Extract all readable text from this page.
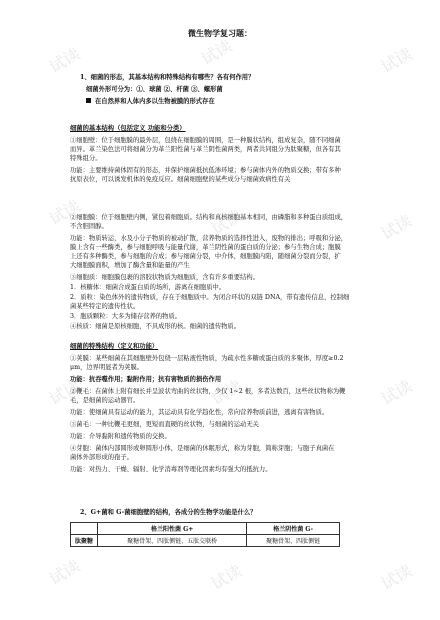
试读	试读
试读
试读	试读	试读
试读	试读	试读
试读	试读	试读
微生物学复习题：
1、细菌的形态，其基本结构和特殊结构有哪些？各有何作用？
细菌外形可分为：①、球菌 ②、杆菌 ③、螺形菌
在自然界和人体内多以生物被膜的形式存在
细菌的基本结构（包括定义 功能和分类）
①细胞壁：位于细胞膜的最外层，包绕在细胞膜的周围，是一种膜状结构，组成复杂，随不同细菌
而异。革兰染色法可将细菌分为革兰阳性菌与革兰阴性菌两类，两者共同组分为肽聚糖，但各有其
特殊组分。
功能：主要维持菌体固有的形态，并保护细菌抵抗低渗环境；参与菌体内外的物质交换；带有多种
抗原表位，可以诱发机体的免疫反应。细菌细胞壁的某些成分与细菌致病性有关
②细胞膜：位于细胞壁内侧，紧包着细胞质。结构和真核细胞基本相同，由磷脂和多种蛋白质组成，
不含胆固醇。
功能：物质转运，水及小分子物质的被动扩散，营养物质的选择性进入，废物的排出；呼吸和分泌，
膜上含有一些酶类，参与细胞呼吸与能量代谢，革兰阴性菌的蛋白质的分泌；参与生物合成；胞膜
上还有多种酶类，参与细胞的合成；参与细菌分裂，中介体，细胞膜内陷，随细菌分裂而分裂，扩
大细胞膜面积，增加了酶含量和能量的产生
③细胞质：细胞膜包裹的溶胶状物质为细胞质，含有许多重要结构。
1．核糖体：细菌合成蛋白质的场所，游离在细胞质中。
2．质粒：染色体外的遗传物质，存在于细胞质中。为闭合环状的双链 DNA，带有遗传信息，控制细
菌某些特定的遗传性状。
3．胞质颗粒：大多为储存营养的物质。
④核质：细菌是原核细胞，不具成形的核。细菌的遗传物质。
细菌的特殊结构（定义和功能）
①荚膜：某些细菌在其细胞壁外包绕一层粘液性物质，为疏水性多糖或蛋白质的多聚体，厚度≥0.2
μm，边界明显者为荚膜。
功能：抗吞噬作用；黏附作用；抗有害物质的损伤作用
②鞭毛：在菌体上附有细长并呈波状弯曲的丝状物，少仅 1~2 根，多者达数百，这些丝状物称为鞭
毛，是细菌的运动器官。
功能：使细菌具有运动的能力，其运动具有化学趋化性，常向营养物质前进，逃离有害物质。
③菌毛：一种比鞭毛更细，更短而直硬的丝状物，与细菌的运动无关
功能：介导黏附和遗传物质的交换。
④芽胞：菌体内部圆形或卵圆形小体，是细菌的休眠形式，称为芽胞，简称芽胞；与胞子真菌在
菌体外部形成的孢子。
功能：对热力、干燥、辐射、化学消毒剂等理化因素均有强大的抵抗力。
2、G+菌和 G-菌细胞壁的结构，各成分的生物学功能是什么？
	格兰阳性菌 G+	格兰阴性菌 G-
肽聚糖	聚糖骨架、四肽侧链、五肽交联桥	聚糖骨架、四肽侧链
